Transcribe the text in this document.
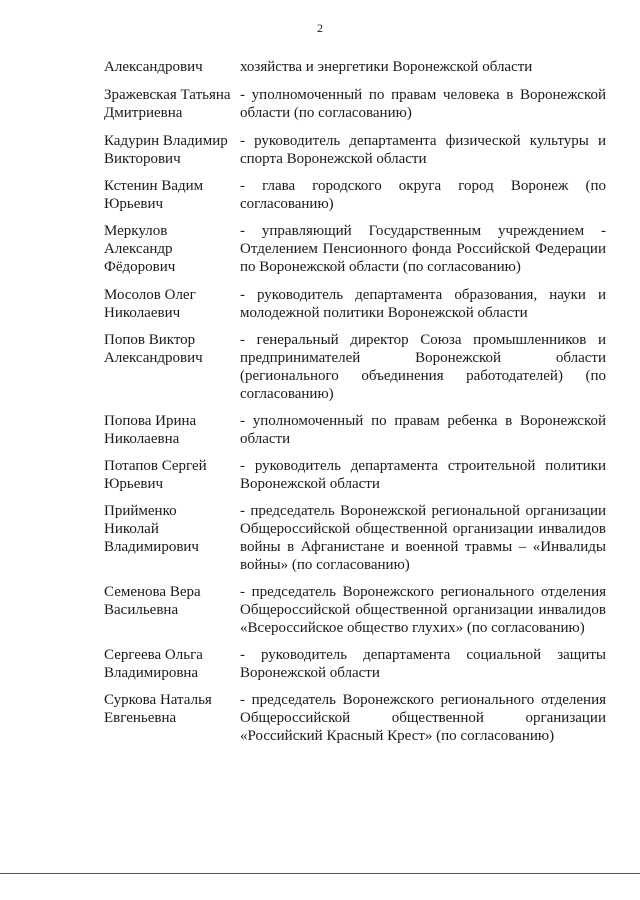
2
Александрович	хозяйства и энергетики Воронежской области
Зражевская Татьяна Дмитриевна
- уполномоченный по правам человека в Воронежской области (по согласованию)
Кадурин Владимир Викторович
- руководитель департамента физической культуры и спорта Воронежской области
Кстенин Вадим Юрьевич
- глава городского округа город Воронеж (по согласованию)
Меркулов Александр Фёдорович
- управляющий Государственным учреждением - Отделением Пенсионного фонда Российской Федерации по Воронежской области (по согласованию)
Мосолов Олег Николаевич
- руководитель департамента образования, науки и молодежной политики Воронежской области
Попов Виктор Александрович
- генеральный директор Союза промышленников и предпринимателей Воронежской области (регионального объединения работодателей) (по согласованию)
Попова Ирина Николаевна
- уполномоченный по правам ребенка в Воронежской области
Потапов Сергей Юрьевич
- руководитель департамента строительной политики Воронежской области
Прийменко Николай Владимирович
- председатель Воронежской региональной организации Общероссийской общественной организации инвалидов войны в Афганистане и военной травмы – «Инвалиды войны» (по согласованию)
Семенова Вера Васильевна
- председатель Воронежского регионального отделения Общероссийской общественной организации инвалидов «Всероссийское общество глухих» (по согласованию)
Сергеева Ольга Владимировна
- руководитель департамента социальной защиты Воронежской области
Суркова Наталья Евгеньевна
- председатель Воронежского регионального отделения Общероссийской общественной организации «Российский Красный Крест» (по согласованию)
